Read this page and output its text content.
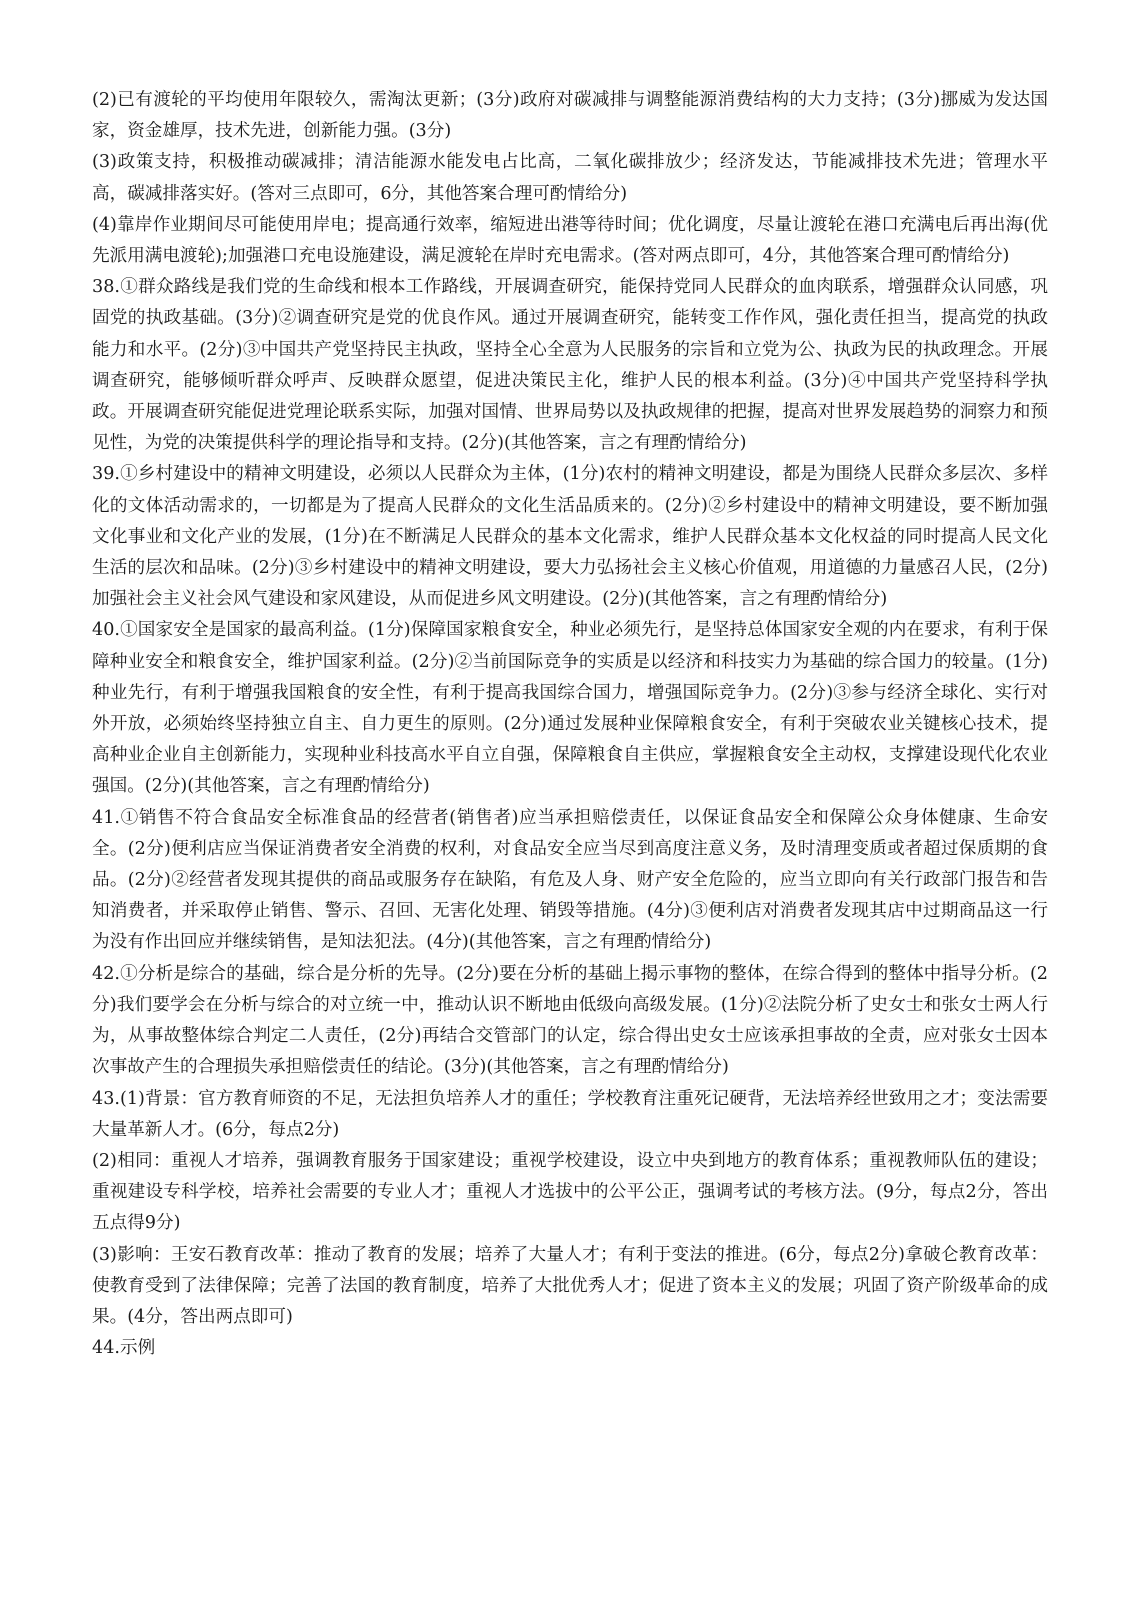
(2)已有渡轮的平均使用年限较久，需淘汰更新；(3分)政府对碳减排与调整能源消费结构的大力支持；(3分)挪威为发达国家，资金雄厚，技术先进，创新能力强。(3分)

(3)政策支持，积极推动碳减排；清洁能源水能发电占比高，二氧化碳排放少；经济发达，节能减排技术先进；管理水平高，碳减排落实好。(答对三点即可，6分，其他答案合理可酌情给分)

(4)靠岸作业期间尽可能使用岸电；提高通行效率，缩短进出港等待时间；优化调度，尽量让渡轮在港口充满电后再出海(优先派用满电渡轮);加强港口充电设施建设，满足渡轮在岸时充电需求。(答对两点即可，4分，其他答案合理可酌情给分)

38.①群众路线是我们党的生命线和根本工作路线，开展调查研究，能保持党同人民群众的血肉联系，增强群众认同感，巩固党的执政基础。(3分)②调查研究是党的优良作风。通过开展调查研究，能转变工作作风，强化责任担当，提高党的执政能力和水平。(2分)③中国共产党坚持民主执政，坚持全心全意为人民服务的宗旨和立党为公、执政为民的执政理念。开展调查研究，能够倾听群众呼声、反映群众愿望，促进决策民主化，维护人民的根本利益。(3分)④中国共产党坚持科学执政。开展调查研究能促进党理论联系实际，加强对国情、世界局势以及执政规律的把握，提高对世界发展趋势的洞察力和预见性，为党的决策提供科学的理论指导和支持。(2分)(其他答案，言之有理酌情给分)

39.①乡村建设中的精神文明建设，必须以人民群众为主体，(1分)农村的精神文明建设，都是为围绕人民群众多层次、多样化的文体活动需求的，一切都是为了提高人民群众的文化生活品质来的。(2分)②乡村建设中的精神文明建设，要不断加强文化事业和文化产业的发展，(1分)在不断满足人民群众的基本文化需求，维护人民群众基本文化权益的同时提高人民文化生活的层次和品味。(2分)③乡村建设中的精神文明建设，要大力弘扬社会主义核心价值观，用道德的力量感召人民，(2分)加强社会主义社会风气建设和家风建设，从而促进乡风文明建设。(2分)(其他答案，言之有理酌情给分)

40.①国家安全是国家的最高利益。(1分)保障国家粮食安全，种业必须先行，是坚持总体国家安全观的内在要求，有利于保障种业安全和粮食安全，维护国家利益。(2分)②当前国际竞争的实质是以经济和科技实力为基础的综合国力的较量。(1分)种业先行，有利于增强我国粮食的安全性，有利于提高我国综合国力，增强国际竞争力。(2分)③参与经济全球化、实行对外开放，必须始终坚持独立自主、自力更生的原则。(2分)通过发展种业保障粮食安全，有利于突破农业关键核心技术，提高种业企业自主创新能力，实现种业科技高水平自立自强，保障粮食自主供应，掌握粮食安全主动权，支撑建设现代化农业强国。(2分)(其他答案，言之有理酌情给分)

41.①销售不符合食品安全标准食品的经营者(销售者)应当承担赔偿责任，以保证食品安全和保障公众身体健康、生命安全。(2分)便利店应当保证消费者安全消费的权利，对食品安全应当尽到高度注意义务，及时清理变质或者超过保质期的食品。(2分)②经营者发现其提供的商品或服务存在缺陷，有危及人身、财产安全危险的，应当立即向有关行政部门报告和告知消费者，并采取停止销售、警示、召回、无害化处理、销毁等措施。(4分)③便利店对消费者发现其店中过期商品这一行为没有作出回应并继续销售，是知法犯法。(4分)(其他答案，言之有理酌情给分)

42.①分析是综合的基础，综合是分析的先导。(2分)要在分析的基础上揭示事物的整体，在综合得到的整体中指导分析。(2分)我们要学会在分析与综合的对立统一中，推动认识不断地由低级向高级发展。(1分)②法院分析了史女士和张女士两人行为，从事故整体综合判定二人责任，(2分)再结合交管部门的认定，综合得出史女士应该承担事故的全责，应对张女士因本次事故产生的合理损失承担赔偿责任的结论。(3分)(其他答案，言之有理酌情给分)

43.(1)背景：官方教育师资的不足，无法担负培养人才的重任；学校教育注重死记硬背，无法培养经世致用之才；变法需要大量革新人才。(6分，每点2分)

(2)相同：重视人才培养，强调教育服务于国家建设；重视学校建设，设立中央到地方的教育体系；重视教师队伍的建设；重视建设专科学校，培养社会需要的专业人才；重视人才选拔中的公平公正，强调考试的考核方法。(9分，每点2分，答出五点得9分)

(3)影响：王安石教育改革：推动了教育的发展；培养了大量人才；有利于变法的推进。(6分，每点2分)拿破仑教育改革：使教育受到了法律保障；完善了法国的教育制度，培养了大批优秀人才；促进了资本主义的发展；巩固了资产阶级革命的成果。(4分，答出两点即可)

44.示例
